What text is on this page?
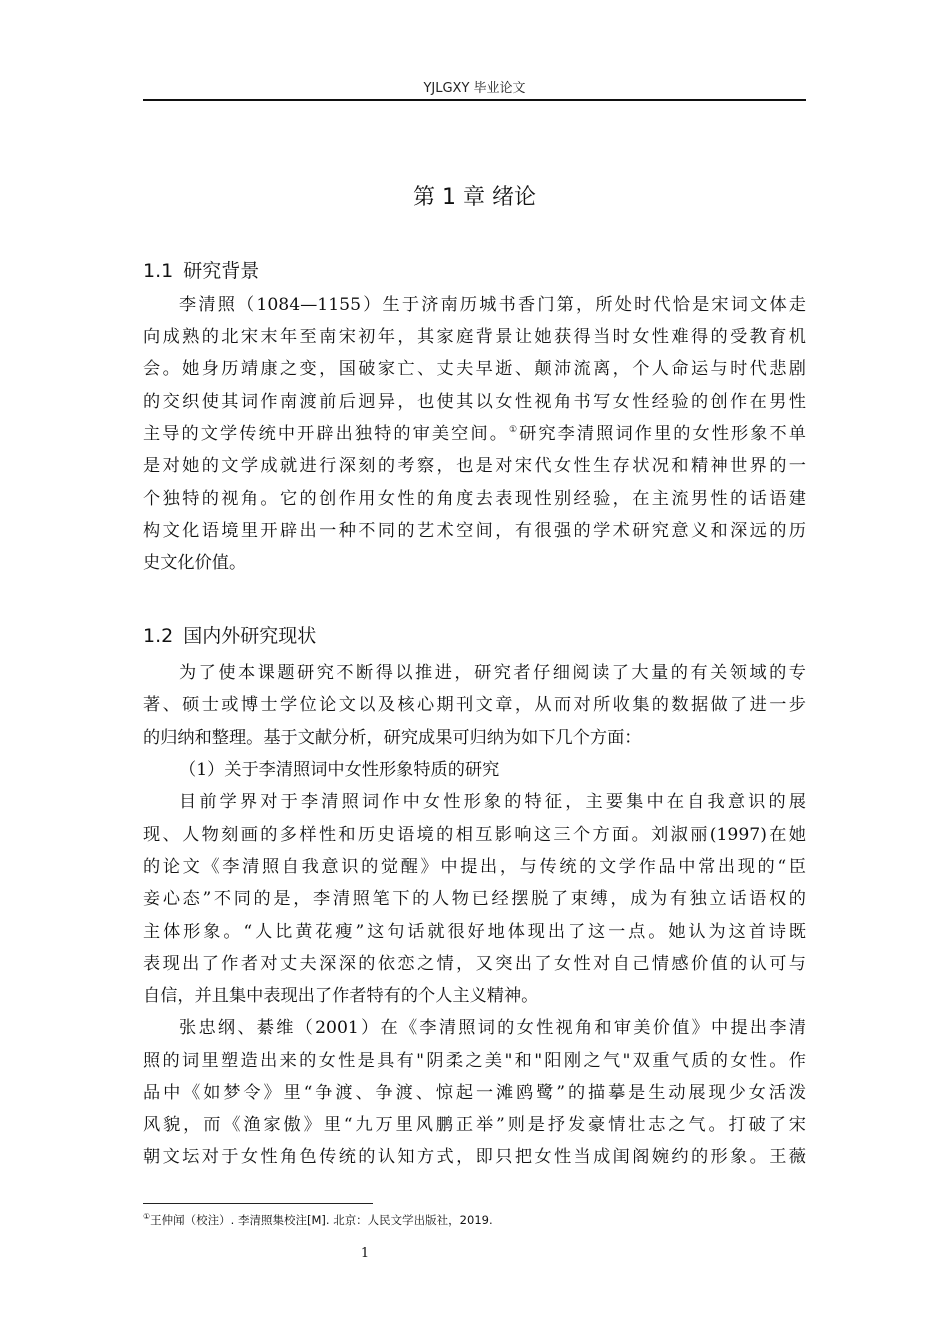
YJLGXY 毕业论文
第 1 章 绪论
1.1 研究背景
李清照（1084—1155）生于济南历城书香门第，所处时代恰是宋词文体走
向成熟的北宋末年至南宋初年，其家庭背景让她获得当时女性难得的受教育机
会。她身历靖康之变，国破家亡、丈夫早逝、颠沛流离，个人命运与时代悲剧
的交织使其词作南渡前后迥异，也使其以女性视角书写女性经验的创作在男性
主导的文学传统中开辟出独特的审美空间。①研究李清照词作里的女性形象不单
是对她的文学成就进行深刻的考察，也是对宋代女性生存状况和精神世界的一
个独特的视角。它的创作用女性的角度去表现性别经验，在主流男性的话语建
构文化语境里开辟出一种不同的艺术空间，有很强的学术研究意义和深远的历
史文化价值。
1.2 国内外研究现状
为了使本课题研究不断得以推进，研究者仔细阅读了大量的有关领域的专
著、硕士或博士学位论文以及核心期刊文章，从而对所收集的数据做了进一步
的归纳和整理。基于文献分析，研究成果可归纳为如下几个方面：
（1）关于李清照词中女性形象特质的研究
目前学界对于李清照词作中女性形象的特征，主要集中在自我意识的展
现、人物刻画的多样性和历史语境的相互影响这三个方面。刘淑丽(1997)在她
的论文《李清照自我意识的觉醒》中提出，与传统的文学作品中常出现的“臣
妾心态”不同的是，李清照笔下的人物已经摆脱了束缚，成为有独立话语权的
主体形象。“人比黄花瘦”这句话就很好地体现出了这一点。她认为这首诗既
表现出了作者对丈夫深深的依恋之情，又突出了女性对自己情感价值的认可与
自信，并且集中表现出了作者特有的个人主义精神。
张忠纲、綦维（2001）在《李清照词的女性视角和审美价值》中提出李清
照的词里塑造出来的女性是具有"阴柔之美"和"阳刚之气"双重气质的女性。作
品中《如梦令》里“争渡、争渡、惊起一滩鸥鹭”的描摹是生动展现少女活泼
风貌，而《渔家傲》里“九万里风鹏正举”则是抒发豪情壮志之气。打破了宋
朝文坛对于女性角色传统的认知方式，即只把女性当成闺阁婉约的形象。王薇
①王仲闻（校注）. 李清照集校注[M]. 北京：人民文学出版社，2019.
1
